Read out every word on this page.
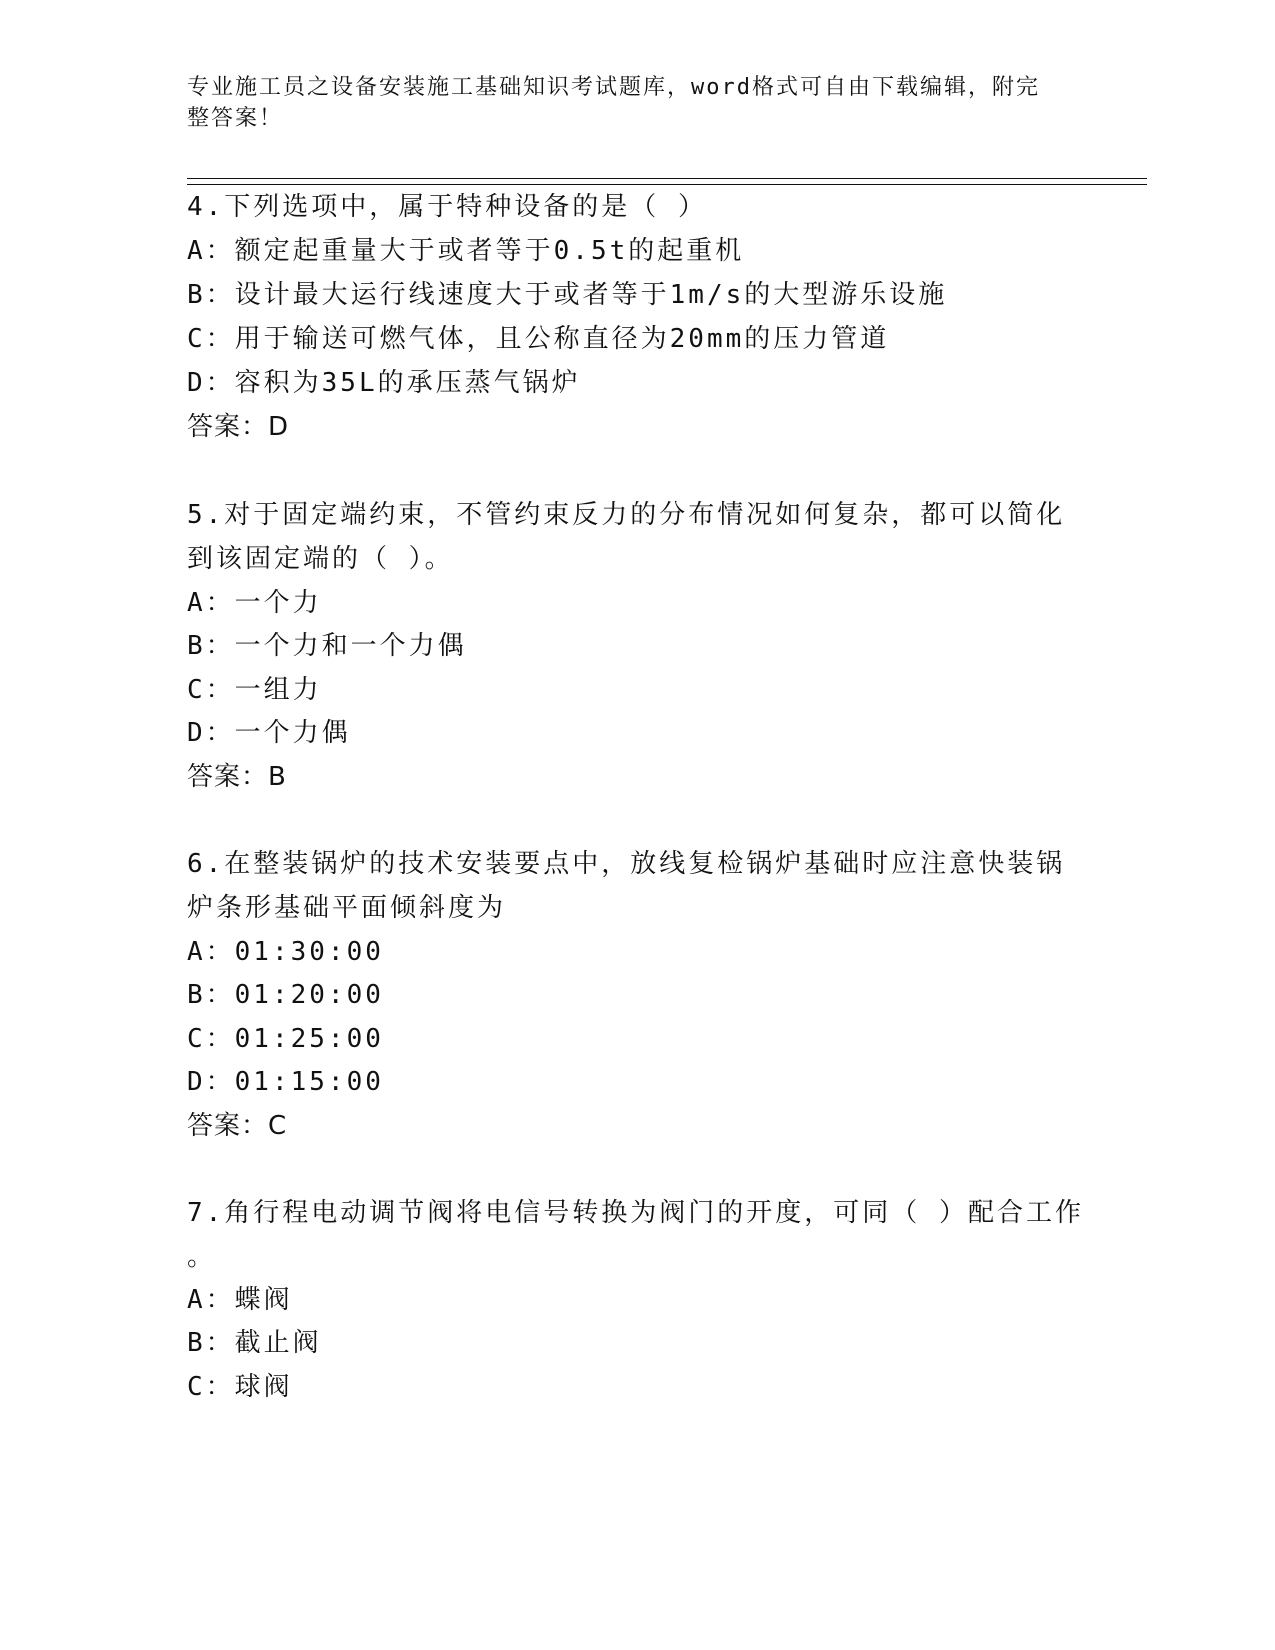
专业施工员之设备安装施工基础知识考试题库，word格式可自由下载编辑，附完
整答案！
4.下列选项中，属于特种设备的是（ ）
A：额定起重量大于或者等于0.5t的起重机
B：设计最大运行线速度大于或者等于1m/s的大型游乐设施
C：用于输送可燃气体，且公称直径为20mm的压力管道
D：容积为35L的承压蒸气锅炉
答案：D
5.对于固定端约束，不管约束反力的分布情况如何复杂，都可以简化
到该固定端的（ ）。
A：一个力
B：一个力和一个力偶
C：一组力
D：一个力偶
答案：B
6.在整装锅炉的技术安装要点中，放线复检锅炉基础时应注意快装锅
炉条形基础平面倾斜度为
A：01:30:00
B：01:20:00
C：01:25:00
D：01:15:00
答案：C
7.角行程电动调节阀将电信号转换为阀门的开度，可同（ ）配合工作
。
A：蝶阀
B：截止阀
C：球阀
